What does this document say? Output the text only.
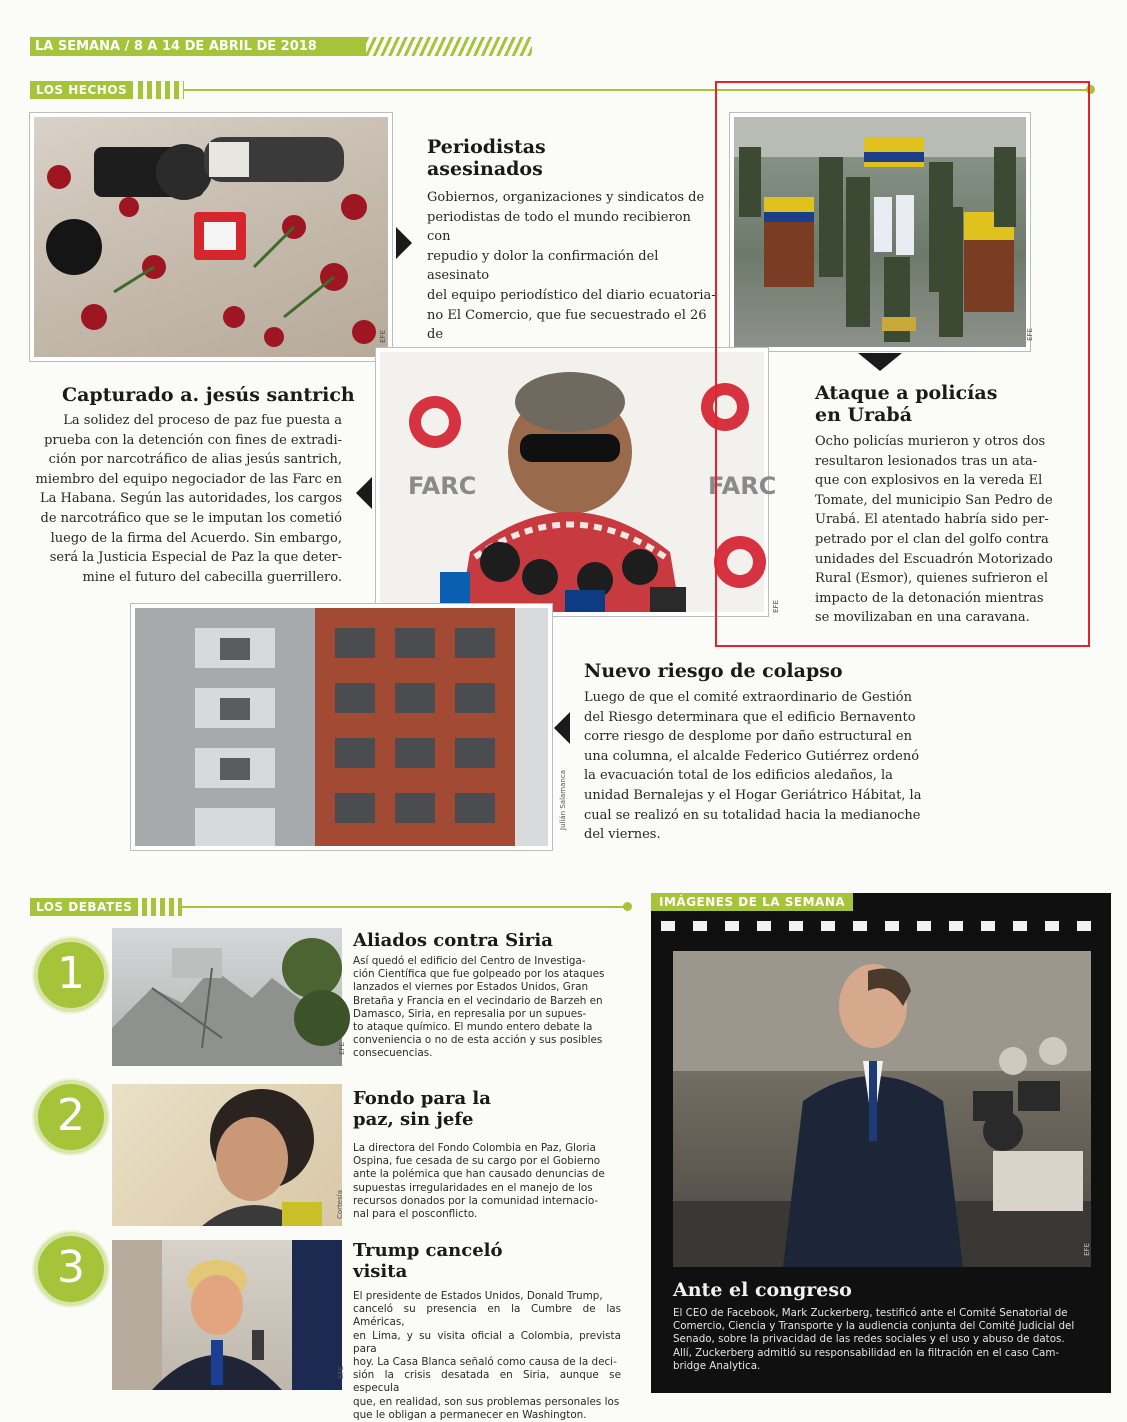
LA SEMANA / 8 A 14 DE ABRIL DE 2018
LOS HECHOS
EFE
Periodistas
asesinados
Gobiernos, organizaciones y sindicatos de
periodistas de todo el mundo recibieron con
repudio y dolor la confirmación del asesinato
del equipo periodístico del diario ecuatoria-
no El Comercio, que fue secuestrado el 26 de	EFE
Capturado a. jesús santrich
La solidez del proceso de paz fue puesta a
prueba con la detención con fines de extradi-
ción por narcotráfico de alias jesús santrich,
miembro del equipo negociador de las Farc en
La Habana. Según las autoridades, los cargos
de narcotráfico que se le imputan los cometió
luego de la firma del Acuerdo. Sin embargo,
será la Justicia Especial de Paz la que deter-
mine el futuro del cabecilla guerrillero.
FARC	FARC
EFE
Ataque a policías
en Urabá
Ocho policías murieron y otros dos
resultaron lesionados tras un ata-
que con explosivos en la vereda El
Tomate, del municipio San Pedro de
Urabá. El atentado habría sido per-
petrado por el clan del golfo contra
unidades del Escuadrón Motorizado
Rural (Esmor), quienes sufrieron el
impacto de la detonación mientras
se movilizaban en una caravana.
Julián Salamanca
Nuevo riesgo de colapso
Luego de que el comité extraordinario de Gestión
del Riesgo determinara que el edificio Bernavento
corre riesgo de desplome por daño estructural en
una columna, el alcalde Federico Gutiérrez ordenó
la evacuación total de los edificios aledaños, la
unidad Bernalejas y el Hogar Geriátrico Hábitat, la
cual se realizó en su totalidad hacia la medianoche
del viernes.
LOS DEBATES
1
EFE
Aliados contra Siria
Así quedó el edificio del Centro de Investiga-
ción Científica que fue golpeado por los ataques
lanzados el viernes por Estados Unidos, Gran
Bretaña y Francia en el vecindario de Barzeh en
Damasco, Siria, en represalia por un supues-
to ataque químico. El mundo entero debate la
conveniencia o no de esta acción y sus posibles
consecuencias.
2
Cortesía
Fondo para la
paz, sin jefe
La directora del Fondo Colombia en Paz, Gloria
Ospina, fue cesada de su cargo por el Gobierno
ante la polémica que han causado denuncias de
supuestas irregularidades en el manejo de los
recursos donados por la comunidad internacio-
nal para el posconflicto.
3
EFE
Trump canceló
visita
El presidente de Estados Unidos, Donald Trump,
canceló su presencia en la Cumbre de las Américas,
en Lima, y su visita oficial a Colombia, prevista para
hoy. La Casa Blanca señaló como causa de la deci-
sión la crisis desatada en Siria, aunque se especula
que, en realidad, son sus problemas personales los
que le obligan a permanecer en Washington.
IMÁGENES DE LA SEMANA
EFE
Ante el congreso
El CEO de Facebook, Mark Zuckerberg, testificó ante el Comité Senatorial de
Comercio, Ciencia y Transporte y la audiencia conjunta del Comité Judicial del
Senado, sobre la privacidad de las redes sociales y el uso y abuso de datos.
Allí, Zuckerberg admitió su responsabilidad en la filtración en el caso Cam-
bridge Analytica.
